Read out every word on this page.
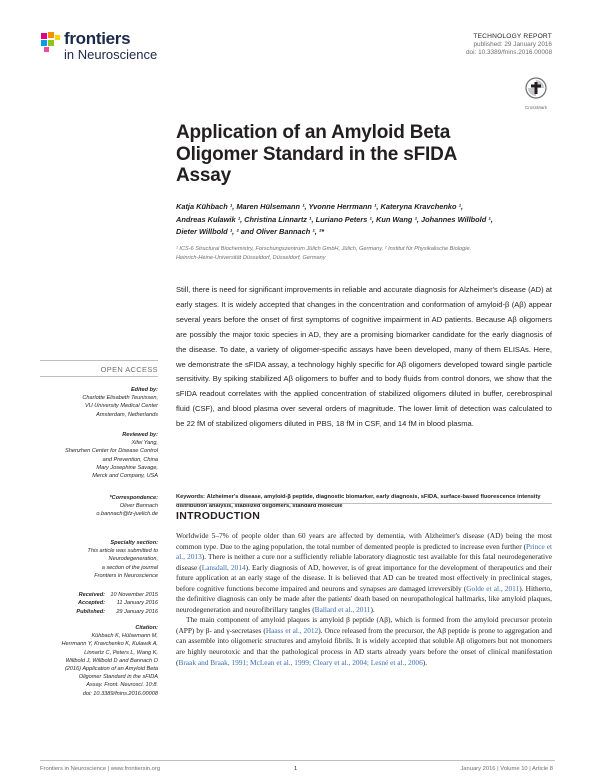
frontiers
in Neuroscience
TECHNOLOGY REPORT
published: 29 January 2016
doi: 10.3389/fnins.2016.00008
CrossMark
Application of an Amyloid Beta
Oligomer Standard in the sFIDA
Assay
Katja Kühbach ¹, Maren Hülsemann ¹, Yvonne Herrmann ¹, Kateryna Kravchenko ¹,
Andreas Kulawik ¹, Christina Linnartz ¹, Luriano Peters ¹, Kun Wang ¹, Johannes Willbold ¹,
Dieter Willbold ¹, ² and Oliver Bannach ¹, ²*
¹ ICS-6 Structural Biochemistry, Forschungszentrum Jülich GmbH, Jülich, Germany, ² Institut für Physikalische Biologie,
Heinrich-Heine-Universität Düsseldorf, Düsseldorf, Germany
Still, there is need for significant improvements in reliable and accurate diagnosis for Alzheimer's disease (AD) at early stages. It is widely accepted that changes in the concentration and conformation of amyloid-β (Aβ) appear several years before the onset of first symptoms of cognitive impairment in AD patients. Because Aβ oligomers are possibly the major toxic species in AD, they are a promising biomarker candidate for the early diagnosis of the disease. To date, a variety of oligomer-specific assays have been developed, many of them ELISAs. Here, we demonstrate the sFIDA assay, a technology highly specific for Aβ oligomers developed toward single particle sensitivity. By spiking stabilized Aβ oligomers to buffer and to body fluids from control donors, we show that the sFIDA readout correlates with the applied concentration of stabilized oligomers diluted in buffer, cerebrospinal fluid (CSF), and blood plasma over several orders of magnitude. The lower limit of detection was calculated to be 22 fM of stabilized oligomers diluted in PBS, 18 fM in CSF, and 14 fM in blood plasma.
Keywords: Alzheimer's disease, amyloid-β peptide, diagnostic biomarker, early diagnosis, sFIDA, surface-based fluorescence intensity distribution analysis, stabilized oligomers, standard molecule
OPEN ACCESS
Edited by:
Charlotte Elisabeth Teunissen,
VU University Medical Center
Amsterdam, Netherlands
Reviewed by:
Xifei Yang,
Shenzhen Center for Disease Control
and Prevention, China
Mary Josephine Savage,
Merck and Company, USA
*Correspondence:
Oliver Bannach
o.bannach@fz-juelich.de
Specialty section:
This article was submitted to
Neurodegeneration,
a section of the journal
Frontiers in Neuroscience
Received: 10 November 2015
Accepted:	11 January 2016
Published:	29 January 2016
Citation:
Kühbach K, Hülsemann M,
Herrmann Y, Kravchenko K, Kulawik A,
Linnartz C, Peters L, Wang K,
Willbold J, Willbold D and Bannach O
(2016) Application of an Amyloid Beta
Oligomer Standard in the sFIDA
Assay. Front. Neurosci. 10:8.
doi: 10.3389/fnins.2016.00008
INTRODUCTION

Worldwide 5–7% of people older than 60 years are affected by dementia, with Alzheimer's disease (AD) being the most common type. Due to the aging population, the total number of demented people is predicted to increase even further (Prince et al., 2013). There is neither a cure nor a sufficiently reliable laboratory diagnostic test available for this fatal neurodegenerative disease (Lansdall, 2014). Early diagnosis of AD, however, is of great importance for the development of therapeutics and their future application at an early stage of the disease. It is believed that AD can be treated most effectively in preclinical stages, before cognitive functions become impaired and neurons and synapses are damaged irreversibly (Golde et al., 2011). Hitherto, the definitive diagnosis can only be made after the patients' death based on neuropathological hallmarks, like amyloid plaques, neurodegeneration and neurofibrillary tangles (Ballard et al., 2011).

The main component of amyloid plaques is amyloid β peptide (Aβ), which is formed from the amyloid precursor protein (APP) by β- and γ-secretases (Haass et al., 2012). Once released from the precursor, the Aβ peptide is prone to aggregation and can assemble into oligomeric structures and amyloid fibrils. It is widely accepted that soluble Aβ oligomers but not monomers are highly neurotoxic and that the pathological process in AD starts already years before the onset of clinical manifestation (Braak and Braak, 1991; McLean et al., 1999; Cleary et al., 2004; Lesné et al., 2006).

Frontiers in Neuroscience | www.frontiersin.org	1	January 2016 | Volume 10 | Article 8
